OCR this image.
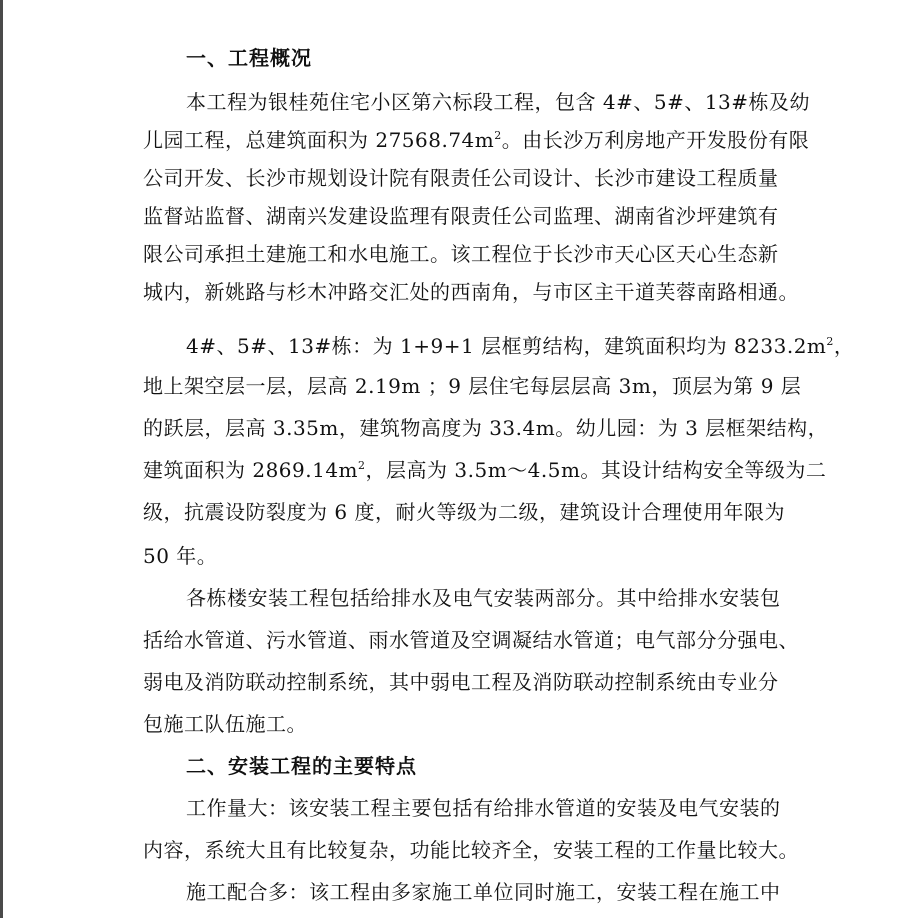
一、工程概况
本工程为银桂苑住宅小区第六标段工程，包含 4#、5#、13#栋及幼
儿园工程，总建筑面积为 $27568.74m^2$。由长沙万利房地产开发股份有限
公司开发、长沙市规划设计院有限责任公司设计、长沙市建设工程质量
监督站监督、湖南兴发建设监理有限责任公司监理、湖南省沙坪建筑有
限公司承担土建施工和水电施工。该工程位于长沙市天心区天心生态新
城内，新姚路与杉木冲路交汇处的西南角，与市区主干道芙蓉南路相通。
4#、5#、13#栋：为 1+9+1 层框剪结构，建筑面积均为 $8233.2m^2$，
地上架空层一层，层高 2.19m ；9 层住宅每层层高 3m，顶层为第 9 层
的跃层，层高 3.35m，建筑物高度为 33.4m。幼儿园：为 3 层框架结构，
建筑面积为 $2869.14m^2$，层高为 3.5m～4.5m。其设计结构安全等级为二
级，抗震设防裂度为 6 度，耐火等级为二级，建筑设计合理使用年限为
50 年。
各栋楼安装工程包括给排水及电气安装两部分。其中给排水安装包
括给水管道、污水管道、雨水管道及空调凝结水管道；电气部分分强电、
弱电及消防联动控制系统，其中弱电工程及消防联动控制系统由专业分
包施工队伍施工。
二、安装工程的主要特点
工作量大：该安装工程主要包括有给排水管道的安装及电气安装的
内容，系统大且有比较复杂，功能比较齐全，安装工程的工作量比较大。
施工配合多：该工程由多家施工单位同时施工，安装工程在施工中
